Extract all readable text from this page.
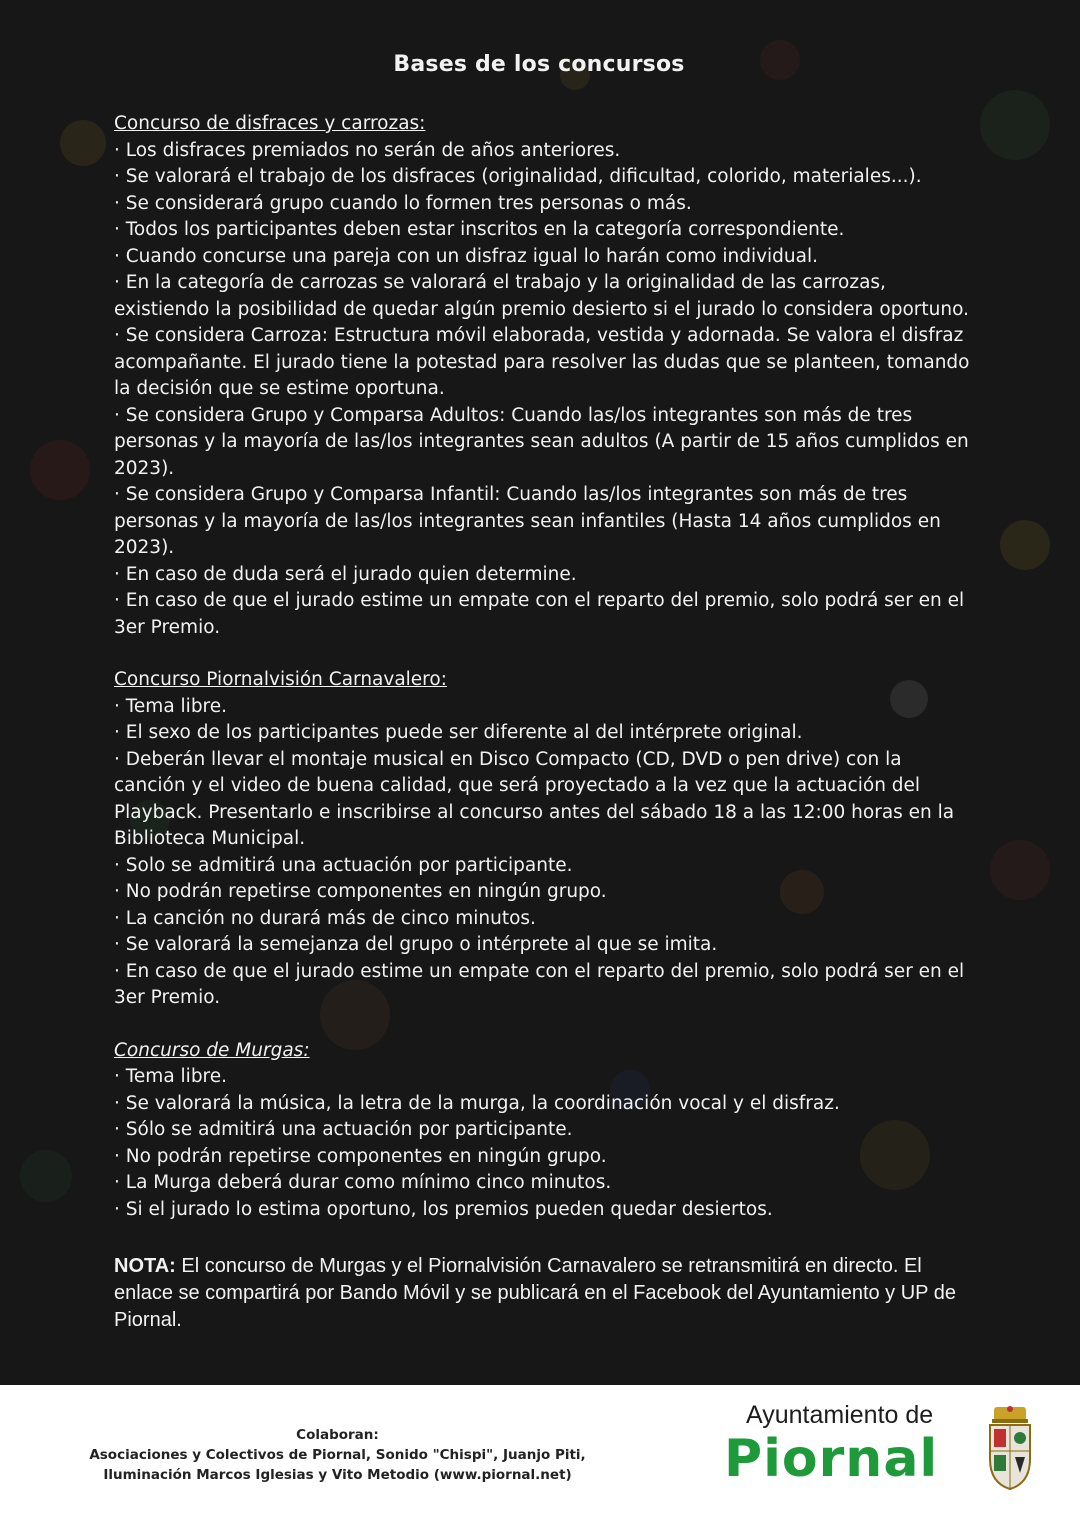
Bases de los concursos

Concurso de disfraces y carrozas:

· Los disfraces premiados no serán de años anteriores.

· Se valorará el trabajo de los disfraces (originalidad, dificultad, colorido, materiales...).

· Se considerará grupo cuando lo formen tres personas o más.

· Todos los participantes deben estar inscritos en la categoría correspondiente.

· Cuando concurse una pareja con un disfraz igual lo harán como individual.

· En la categoría de carrozas se valorará el trabajo y la originalidad de las carrozas, existiendo la posibilidad de quedar algún premio desierto si el jurado lo considera oportuno.

· Se considera Carroza: Estructura móvil elaborada, vestida y adornada. Se valora el disfraz acompañante. El jurado tiene la potestad para resolver las dudas que se planteen, tomando la decisión que se estime oportuna.

· Se considera Grupo y Comparsa Adultos: Cuando las/los integrantes son más de tres personas y la mayoría de las/los integrantes sean adultos (A partir de 15 años cumplidos en 2023).

· Se considera Grupo y Comparsa Infantil: Cuando las/los integrantes son más de tres personas y la mayoría de las/los integrantes sean infantiles (Hasta 14 años cumplidos en 2023).

· En caso de duda será el jurado quien determine.

· En caso de que el jurado estime un empate con el reparto del premio, solo podrá ser en el 3er Premio.

Concurso Piornalvisión Carnavalero:

· Tema libre.

· El sexo de los participantes puede ser diferente al del intérprete original.

· Deberán llevar el montaje musical en Disco Compacto (CD, DVD o pen drive) con la canción y el video de buena calidad, que será proyectado a la vez que la actuación del Playback. Presentarlo e inscribirse al concurso antes del sábado 18 a las 12:00 horas en la Biblioteca Municipal.

· Solo se admitirá una actuación por participante.

· No podrán repetirse componentes en ningún grupo.

· La canción no durará más de cinco minutos.

· Se valorará la semejanza del grupo o intérprete al que se imita.

· En caso de que el jurado estime un empate con el reparto del premio, solo podrá ser en el 3er Premio.

Concurso de Murgas:

· Tema libre.

· Se valorará la música, la letra de la murga, la coordinación vocal y el disfraz.

· Sólo se admitirá una actuación por participante.

· No podrán repetirse componentes en ningún grupo.

· La Murga deberá durar como mínimo cinco minutos.

· Si el jurado lo estima oportuno, los premios pueden quedar desiertos.

NOTA: El concurso de Murgas y el Piornalvisión Carnavalero se retransmitirá en directo. El enlace se compartirá por Bando Móvil y se publicará en el Facebook del Ayuntamiento y UP de Piornal.
Colaboran:
Asociaciones y Colectivos de Piornal, Sonido "Chispi", Juanjo Piti,
Iluminación Marcos Iglesias y Vito Metodio (www.piornal.net)
Ayuntamiento de
Piornal
